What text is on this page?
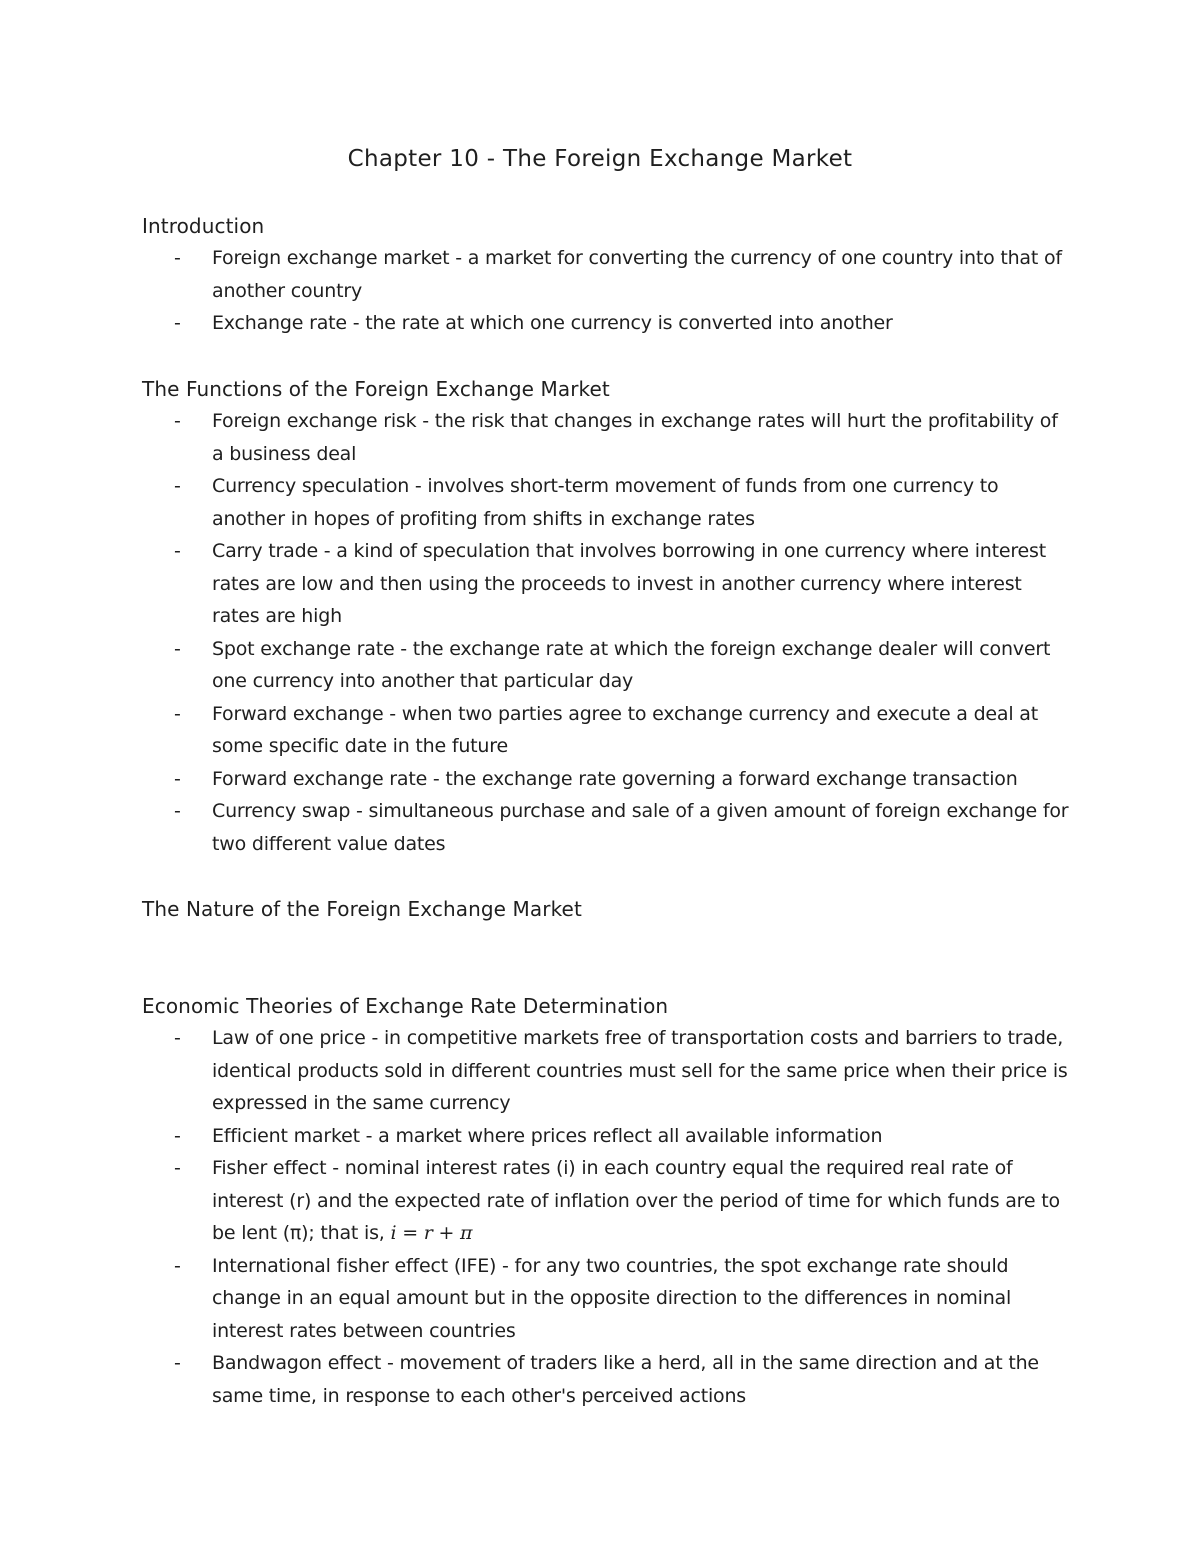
Chapter 10 - The Foreign Exchange Market
Introduction
- Foreign exchange market - a market for converting the currency of one country into that of another country
- Exchange rate - the rate at which one currency is converted into another
The Functions of the Foreign Exchange Market
- Foreign exchange risk - the risk that changes in exchange rates will hurt the profitability of a business deal
- Currency speculation - involves short-term movement of funds from one currency to another in hopes of profiting from shifts in exchange rates
- Carry trade - a kind of speculation that involves borrowing in one currency where interest rates are low and then using the proceeds to invest in another currency where interest rates are high
- Spot exchange rate - the exchange rate at which the foreign exchange dealer will convert one currency into another that particular day
- Forward exchange - when two parties agree to exchange currency and execute a deal at some specific date in the future
- Forward exchange rate - the exchange rate governing a forward exchange transaction
- Currency swap - simultaneous purchase and sale of a given amount of foreign exchange for two different value dates
The Nature of the Foreign Exchange Market
Economic Theories of Exchange Rate Determination
- Law of one price - in competitive markets free of transportation costs and barriers to trade, identical products sold in different countries must sell for the same price when their price is expressed in the same currency
- Efficient market - a market where prices reflect all available information
- Fisher effect - nominal interest rates (i) in each country equal the required real rate of interest (r) and the expected rate of inflation over the period of time for which funds are to be lent (π); that is, i = r + π
- International fisher effect (IFE) - for any two countries, the spot exchange rate should change in an equal amount but in the opposite direction to the differences in nominal interest rates between countries
- Bandwagon effect - movement of traders like a herd, all in the same direction and at the same time, in response to each other's perceived actions
